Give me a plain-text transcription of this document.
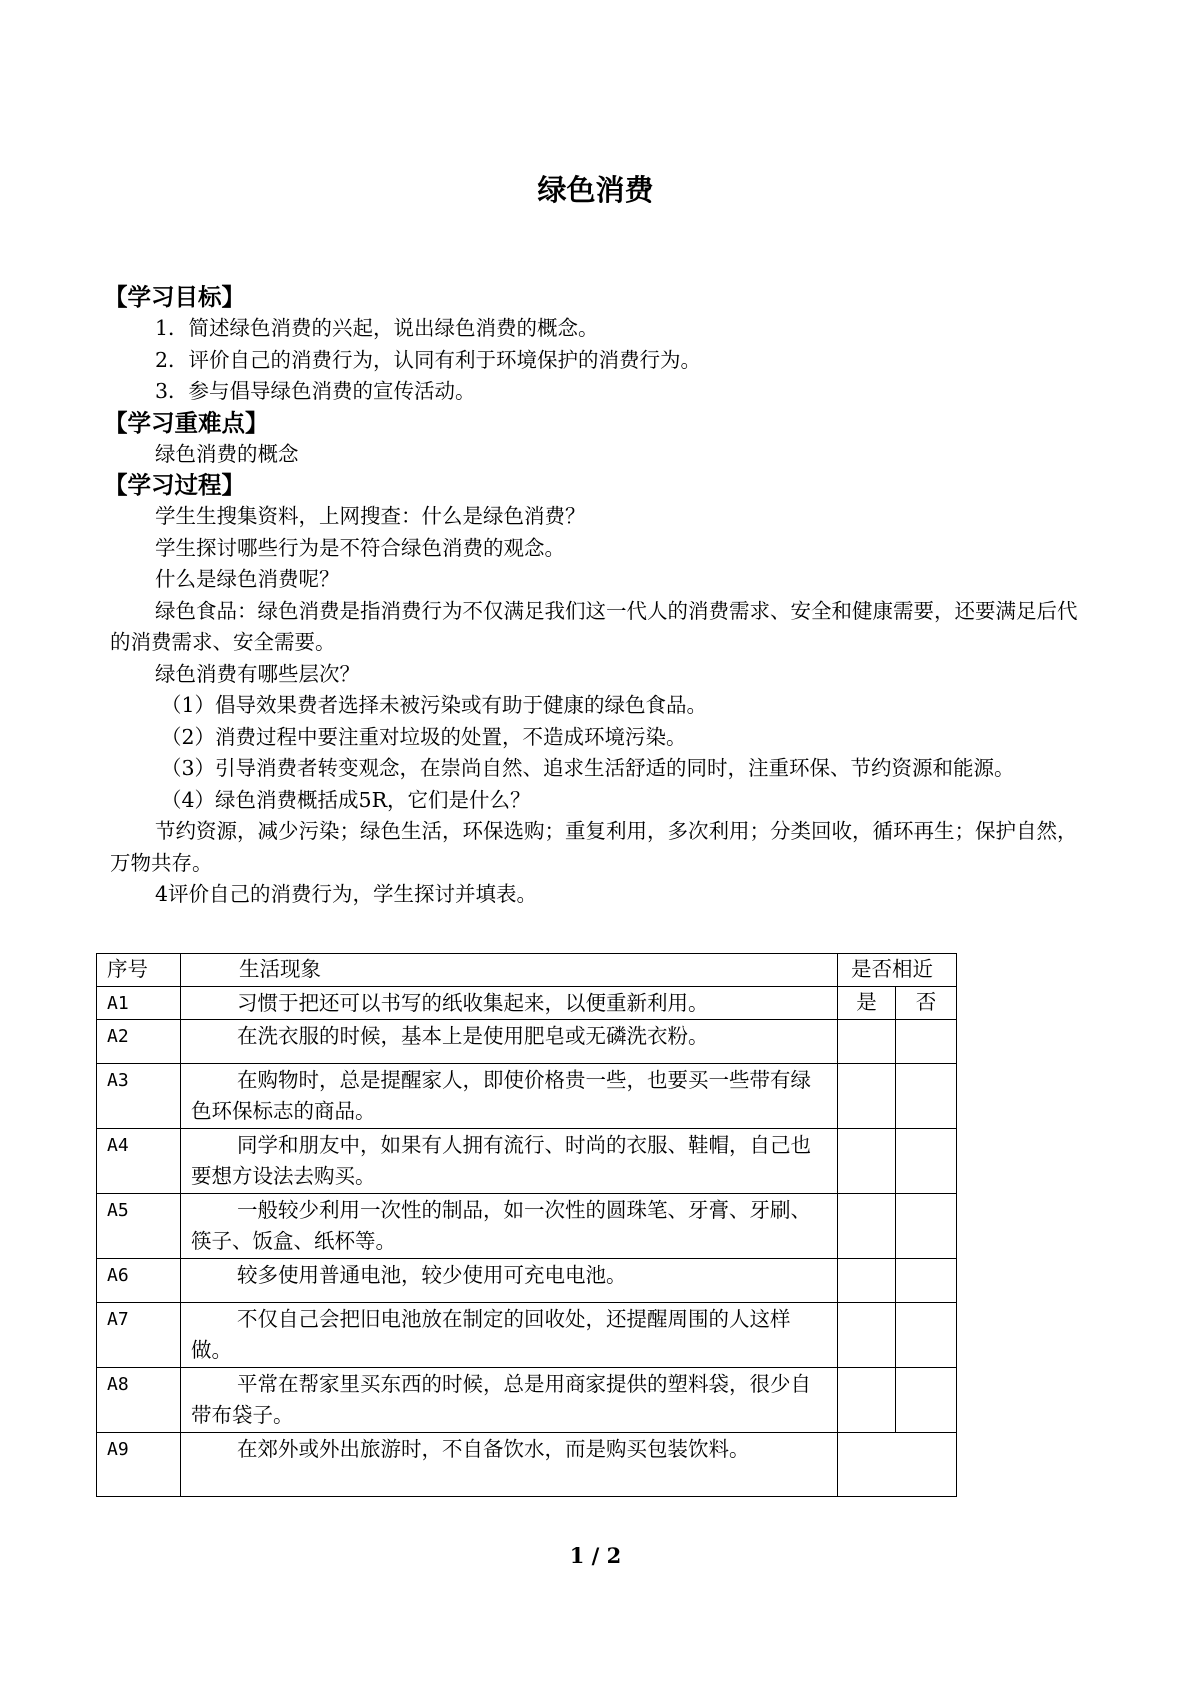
绿色消费
【学习目标】
1．简述绿色消费的兴起，说出绿色消费的概念。
2．评价自己的消费行为，认同有利于环境保护的消费行为。
3．参与倡导绿色消费的宣传活动。
【学习重难点】
绿色消费的概念
【学习过程】
学生生搜集资料，上网搜查：什么是绿色消费？
学生探讨哪些行为是不符合绿色消费的观念。
什么是绿色消费呢？
绿色食品：绿色消费是指消费行为不仅满足我们这一代人的消费需求、安全和健康需要，还要满足后代的消费需求、安全需要。
绿色消费有哪些层次？
（1）倡导效果费者选择未被污染或有助于健康的绿色食品。
（2）消费过程中要注重对垃圾的处置，不造成环境污染。
（3）引导消费者转变观念，在崇尚自然、追求生活舒适的同时，注重环保、节约资源和能源。
（4）绿色消费概括成5R，它们是什么？
节约资源，减少污染；绿色生活，环保选购；重复利用，多次利用；分类回收，循环再生；保护自然，万物共存。
4评价自己的消费行为，学生探讨并填表。
序号	生活现象	是否相近	
A1	习惯于把还可以书写的纸收集起来，以便重新利用。	是	否
A2	在洗衣服的时候，基本上是使用肥皂或无磷洗衣粉。		
A3	在购物时，总是提醒家人，即使价格贵一些，也要买一些带有绿色环保标志的商品。		
A4	同学和朋友中，如果有人拥有流行、时尚的衣服、鞋帽，自己也要想方设法去购买。		
A5	一般较少利用一次性的制品，如一次性的圆珠笔、牙膏、牙刷、筷子、饭盒、纸杯等。		
A6	较多使用普通电池，较少使用可充电电池。		
A7	不仅自己会把旧电池放在制定的回收处，还提醒周围的人这样做。		
A8	平常在帮家里买东西的时候，总是用商家提供的塑料袋，很少自带布袋子。		
A9	在郊外或外出旅游时，不自备饮水，而是购买包装饮料。		
1 / 2
